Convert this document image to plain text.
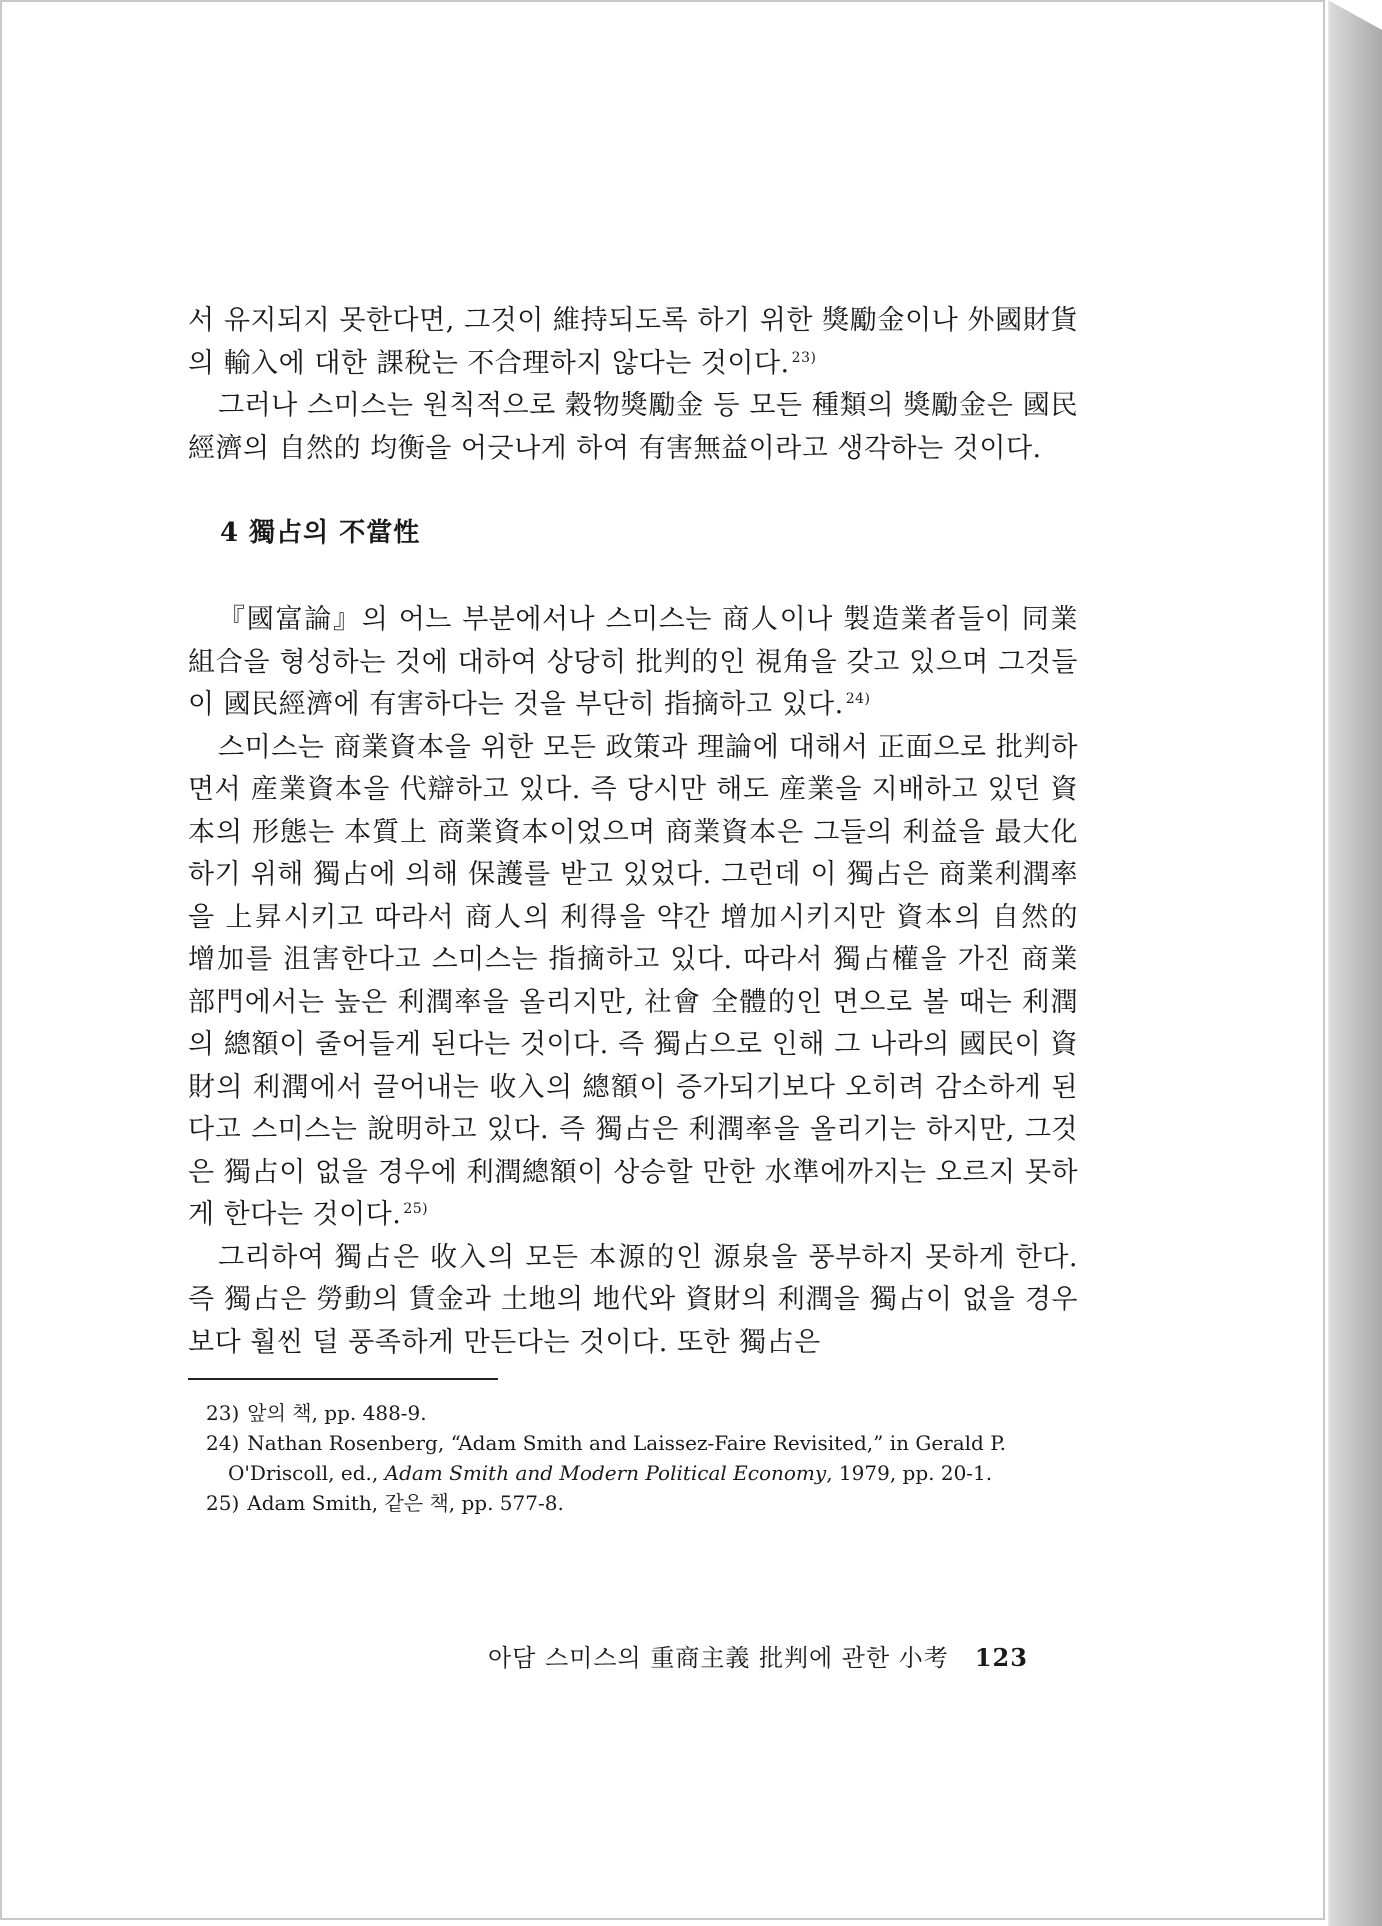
서 유지되지 못한다면, 그것이 維持되도록 하기 위한 獎勵金이나 外國財貨의 輸入에 대한 課稅는 不合理하지 않다는 것이다. $^{23)}$

그러나 스미스는 원칙적으로 穀物獎勵金 등 모든 種類의 獎勵金은 國民經濟의 自然的 均衡을 어긋나게 하여 有害無益이라고 생각하는 것이다.

4 獨占의 不當性

『國富論』의 어느 부분에서나 스미스는 商人이나 製造業者들이 同業組合을 형성하는 것에 대하여 상당히 批判的인 視角을 갖고 있으며 그것들이 國民經濟에 有害하다는 것을 부단히 指摘하고 있다. $^{24)}$

스미스는 商業資本을 위한 모든 政策과 理論에 대해서 正面으로 批判하면서 産業資本을 代辯하고 있다. 즉 당시만 해도 産業을 지배하고 있던 資本의 形態는 本質上 商業資本이었으며 商業資本은 그들의 利益을 最大化하기 위해 獨占에 의해 保護를 받고 있었다. 그런데 이 獨占은 商業利潤率을 上昇시키고 따라서 商人의 利得을 약간 增加시키지만 資本의 自然的 增加를 沮害한다고 스미스는 指摘하고 있다. 따라서 獨占權을 가진 商業部門에서는 높은 利潤率을 올리지만, 社會 全體的인 면으로 볼 때는 利潤의 總額이 줄어들게 된다는 것이다. 즉 獨占으로 인해 그 나라의 國民이 資財의 利潤에서 끌어내는 收入의 總額이 증가되기보다 오히려 감소하게 된다고 스미스는 說明하고 있다. 즉 獨占은 利潤率을 올리기는 하지만, 그것은 獨占이 없을 경우에 利潤總額이 상승할 만한 水準에까지는 오르지 못하게 한다는 것이다. $^{25)}$

그리하여 獨占은 收入의 모든 本源的인 源泉을 풍부하지 못하게 한다. 즉 獨占은 勞動의 賃金과 土地의 地代와 資財의 利潤을 獨占이 없을 경우보다 훨씬 덜 풍족하게 만든다는 것이다. 또한 獨占은

23) 앞의 책, pp. 488-9.

24) Nathan Rosenberg, “Adam Smith and Laissez-Faire Revisited,” in Gerald P. O'Driscoll, ed., Adam Smith and Modern Political Economy, 1979, pp. 20-1.

25) Adam Smith, 같은 책, pp. 577-8.

아담 스미스의 重商主義 批判에 관한 小考 123
